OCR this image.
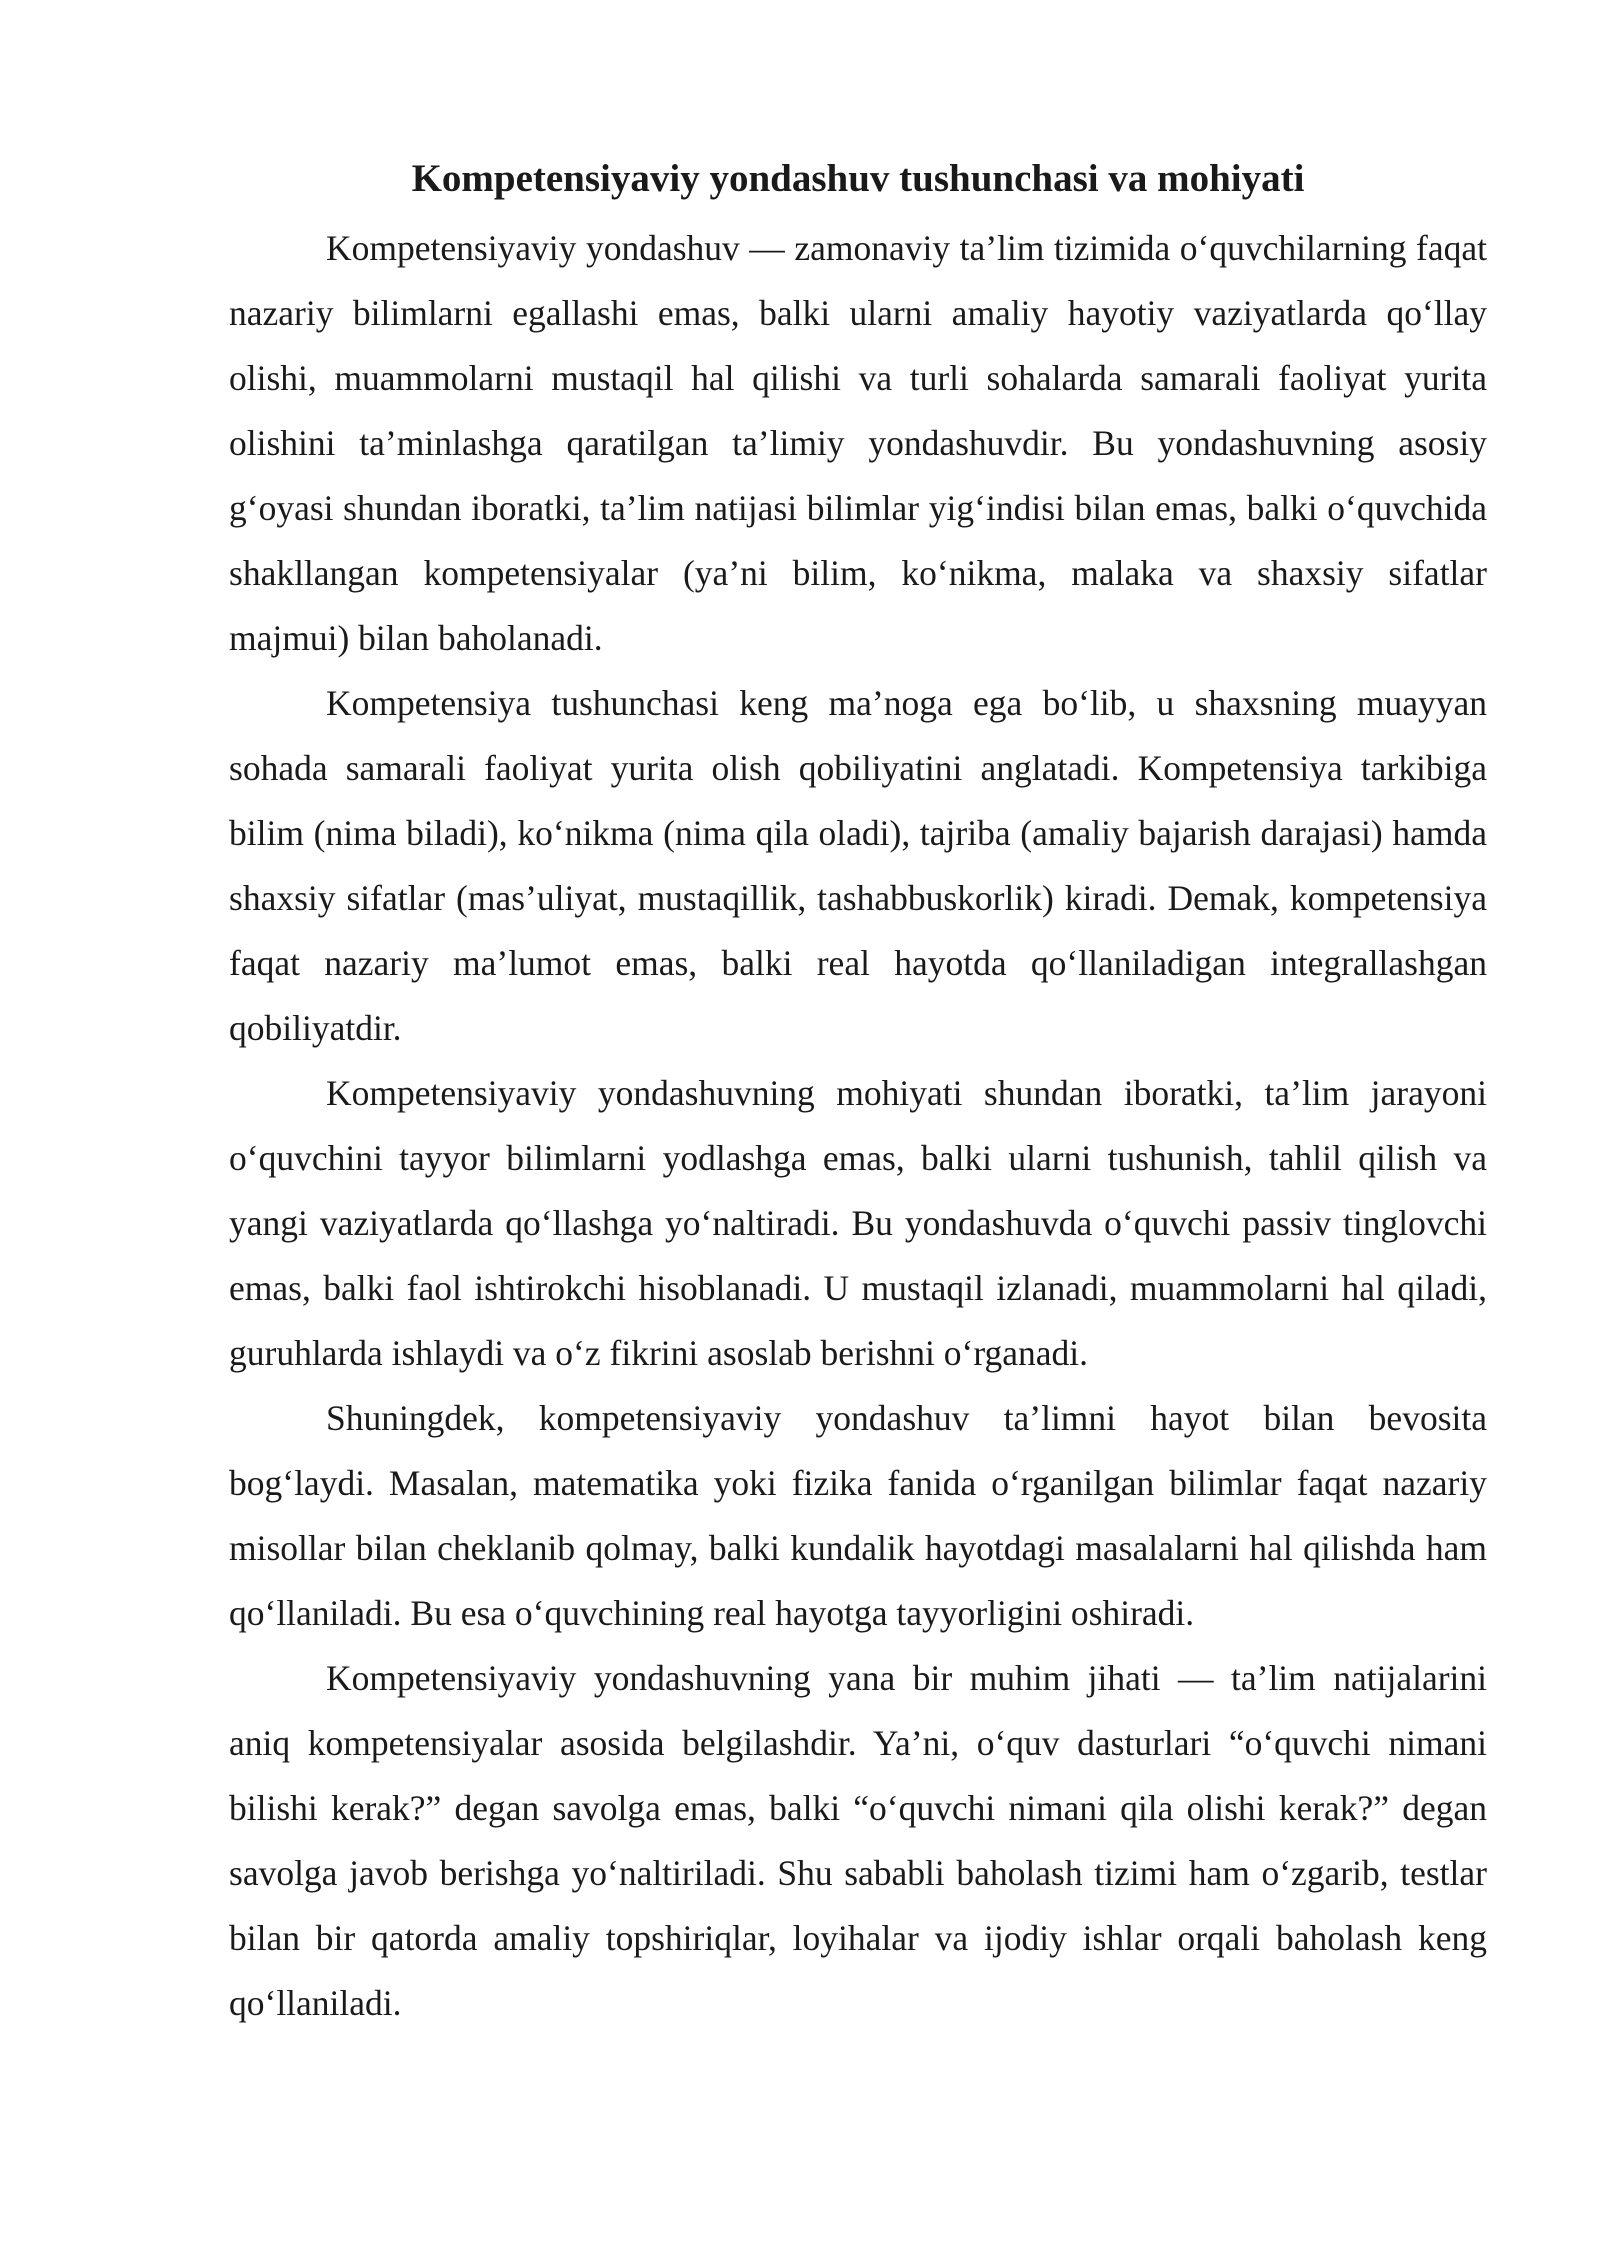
Kompetensiyaviy yondashuv tushunchasi va mohiyati

Kompetensiyaviy yondashuv — zamonaviy ta’lim tizimida o‘quvchilarning faqat nazariy bilimlarni egallashi emas, balki ularni amaliy hayotiy vaziyatlarda qo‘llay olishi, muammolarni mustaqil hal qilishi va turli sohalarda samarali faoliyat yurita olishini ta’minlashga qaratilgan ta’limiy yondashuvdir. Bu yondashuvning asosiy g‘oyasi shundan iboratki, ta’lim natijasi bilimlar yig‘indisi bilan emas, balki o‘quvchida shakllangan kompetensiyalar (ya’ni bilim, ko‘nikma, malaka va shaxsiy sifatlar majmui) bilan baholanadi.

Kompetensiya tushunchasi keng ma’noga ega bo‘lib, u shaxsning muayyan sohada samarali faoliyat yurita olish qobiliyatini anglatadi. Kompetensiya tarkibiga bilim (nima biladi), ko‘nikma (nima qila oladi), tajriba (amaliy bajarish darajasi) hamda shaxsiy sifatlar (mas’uliyat, mustaqillik, tashabbuskorlik) kiradi. Demak, kompetensiya faqat nazariy ma’lumot emas, balki real hayotda qo‘llaniladigan integrallashgan qobiliyatdir.

Kompetensiyaviy yondashuvning mohiyati shundan iboratki, ta’lim jarayoni o‘quvchini tayyor bilimlarni yodlashga emas, balki ularni tushunish, tahlil qilish va yangi vaziyatlarda qo‘llashga yo‘naltiradi. Bu yondashuvda o‘quvchi passiv tinglovchi emas, balki faol ishtirokchi hisoblanadi. U mustaqil izlanadi, muammolarni hal qiladi, guruhlarda ishlaydi va o‘z fikrini asoslab berishni o‘rganadi.

Shuningdek, kompetensiyaviy yondashuv ta’limni hayot bilan bevosita bog‘laydi. Masalan, matematika yoki fizika fanida o‘rganilgan bilimlar faqat nazariy misollar bilan cheklanib qolmay, balki kundalik hayotdagi masalalarni hal qilishda ham qo‘llaniladi. Bu esa o‘quvchining real hayotga tayyorligini oshiradi.

Kompetensiyaviy yondashuvning yana bir muhim jihati — ta’lim natijalarini aniq kompetensiyalar asosida belgilashdir. Ya’ni, o‘quv dasturlari “o‘quvchi nimani bilishi kerak?” degan savolga emas, balki “o‘quvchi nimani qila olishi kerak?” degan savolga javob berishga yo‘naltiriladi. Shu sababli baholash tizimi ham o‘zgarib, testlar bilan bir qatorda amaliy topshiriqlar, loyihalar va ijodiy ishlar orqali baholash keng qo‘llaniladi.
